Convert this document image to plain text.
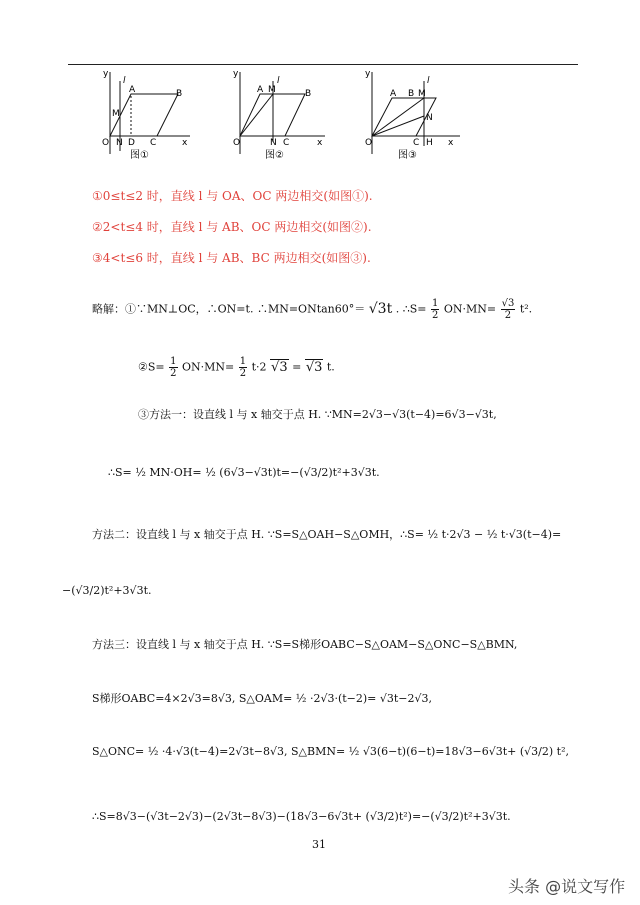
y
l
A	B
M
O N D C	x
图①
y
l
A M	B
O	N C	x
图②
y
l
A B M
N
O	C H x
图③
①0≤t≤2 时，直线 l 与 OA、OC 两边相交(如图①).
②2<t≤4 时，直线 l 与 AB、OC 两边相交(如图②).
③4<t≤6 时，直线 l 与 AB、BC 两边相交(如图③).
略解：①∵MN⊥OC，∴ON=t. ∴MN=ONtan60°＝ √3t . ∴S= $\frac{1}{2} ON\cdot MN= \frac{√3}{2} t^2$.
②S= $\frac{1}{2} ON\cdot MN= \frac{1}{2} t\cdot 2$ √3 = √3 t.
③方法一：设直线 l 与 x 轴交于点 H. ∵MN=2√3−√3(t−4)=6√3−√3t,
∴S= ½ MN·OH= ½ (6√3−√3t)t=−(√3/2)t²+3√3t.
方法二：设直线 l 与 x 轴交于点 H. ∵S=S△OAH−S△OMH，∴S= ½ t·2√3 − ½ t·√3(t−4)=
−(√3/2)t²+3√3t.
方法三：设直线 l 与 x 轴交于点 H. ∵S=S梯形OABC−S△OAM−S△ONC−S△BMN,
S梯形OABC=4×2√3=8√3, S△OAM= ½ ·2√3·(t−2)= √3t−2√3,
S△ONC= ½ ·4·√3(t−4)=2√3t−8√3, S△BMN= ½ √3(6−t)(6−t)=18√3−6√3t+ (√3/2) t²,
∴S=8√3−(√3t−2√3)−(2√3t−8√3)−(18√3−6√3t+ (√3/2)t²)=−(√3/2)t²+3√3t.
31
头条 @说文写作
